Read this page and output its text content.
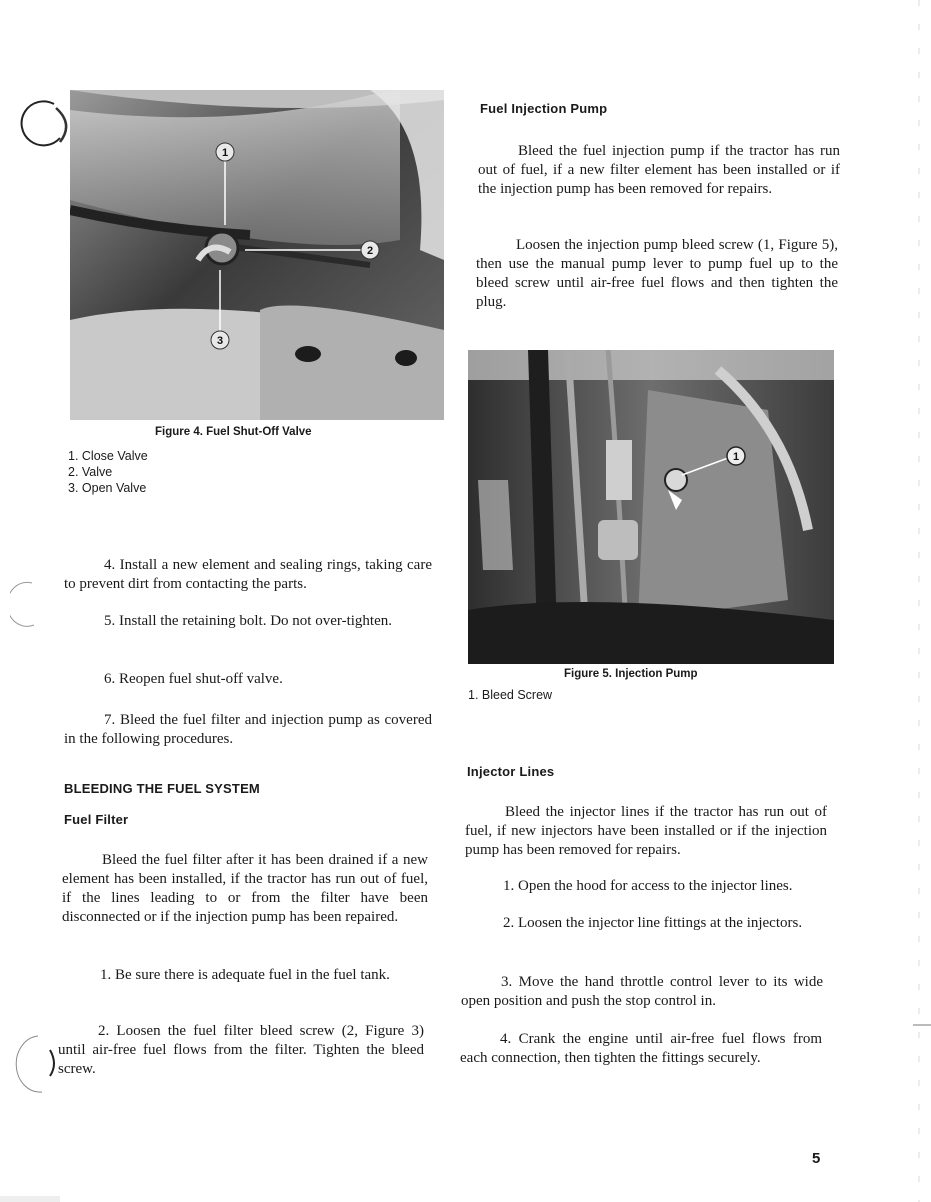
1
2
3

Figure 4. Fuel Shut-Off Valve

1. Close Valve
2. Valve
3. Open Valve

4. Install a new element and sealing rings, taking care to prevent dirt from contacting the parts.

5. Install the retaining bolt. Do not over-tighten.

6. Reopen fuel shut-off valve.

7. Bleed the fuel filter and injection pump as covered in the following procedures.

BLEEDING THE FUEL SYSTEM
Fuel Filter

Bleed the fuel filter after it has been drained if a new element has been installed, if the tractor has run out of fuel, if the lines leading to or from the filter have been disconnected or if the injection pump has been repaired.

1. Be sure there is adequate fuel in the fuel tank.

2. Loosen the fuel filter bleed screw (2, Figure 3) until air-free fuel flows from the filter. Tighten the bleed screw.

Fuel Injection Pump

Bleed the fuel injection pump if the tractor has run out of fuel, if a new filter element has been installed or if the injection pump has been removed for repairs.

Loosen the injection pump bleed screw (1, Figure 5), then use the manual pump lever to pump fuel up to the bleed screw until air-free fuel flows and then tighten the plug.

1

Figure 5. Injection Pump

1. Bleed Screw
Injector Lines

Bleed the injector lines if the tractor has run out of fuel, if new injectors have been installed or if the injection pump has been removed for repairs.

1. Open the hood for access to the injector lines.

2. Loosen the injector line fittings at the injectors.

3. Move the hand throttle control lever to its wide open position and push the stop control in.

4. Crank the engine until air-free fuel flows from each connection, then tighten the fittings securely.

5
